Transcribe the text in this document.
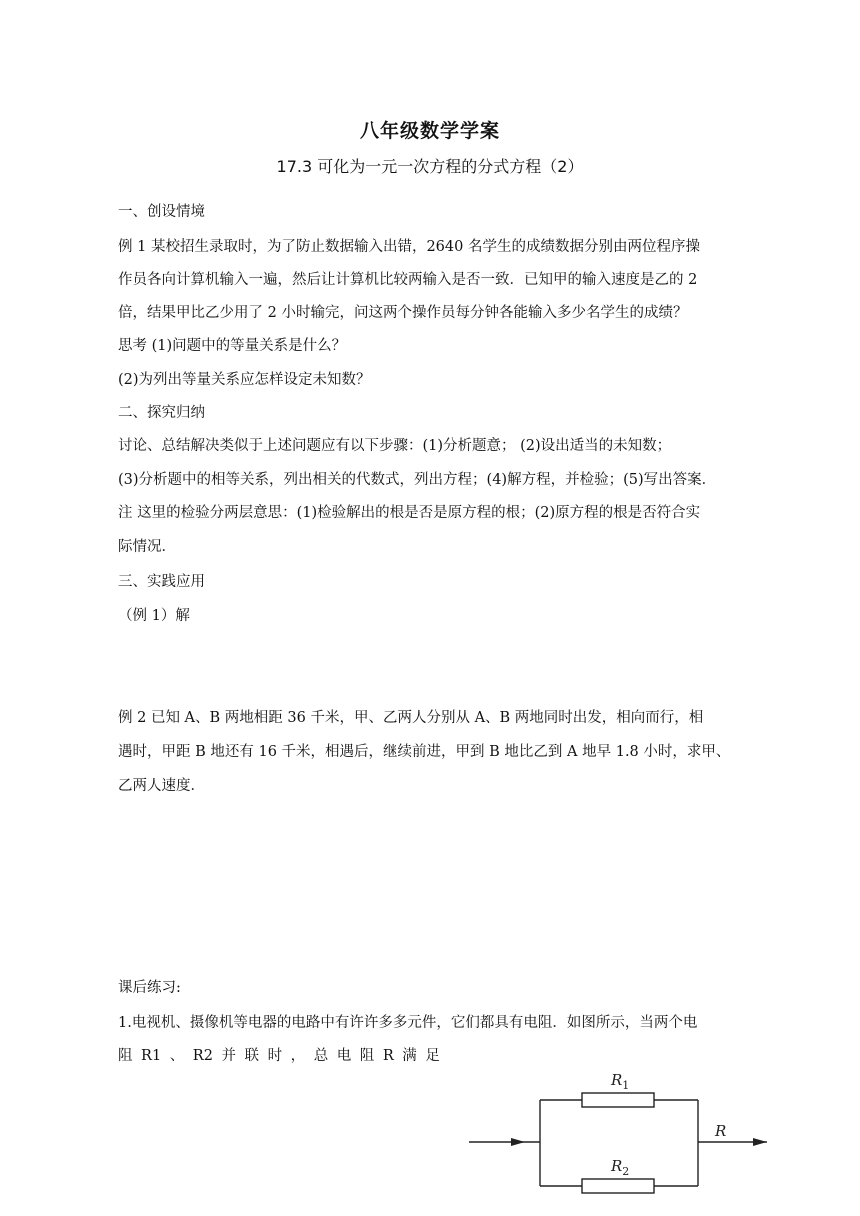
八年级数学学案
17.3 可化为一元一次方程的分式方程（2）
一、创设情境
例 1 某校招生录取时，为了防止数据输入出错，2640 名学生的成绩数据分别由两位程序操
作员各向计算机输入一遍，然后让计算机比较两输入是否一致．已知甲的输入速度是乙的 2
倍，结果甲比乙少用了 2 小时输完，问这两个操作员每分钟各能输入多少名学生的成绩？
思考 (1)问题中的等量关系是什么？
(2)为列出等量关系应怎样设定未知数？
二、探究归纳
讨论、总结解决类似于上述问题应有以下步骤：(1)分析题意； (2)设出适当的未知数；
(3)分析题中的相等关系，列出相关的代数式，列出方程；(4)解方程，并检验；(5)写出答案．
注 这里的检验分两层意思：(1)检验解出的根是否是原方程的根；(2)原方程的根是否符合实
际情况．
三、实践应用
（例 1）解
例 2 已知 A、B 两地相距 36 千米，甲、乙两人分别从 A、B 两地同时出发，相向而行，相
遇时，甲距 B 地还有 16 千米，相遇后，继续前进，甲到 B 地比乙到 A 地早 1.8 小时，求甲、
乙两人速度．
课后练习:
1.电视机、摄像机等电器的电路中有许许多多元件，它们都具有电阻．如图所示，当两个电
阻 R1 、 R2 并 联 时 ， 总 电 阻 R 满 足
$R_1$
$R_2$
R
